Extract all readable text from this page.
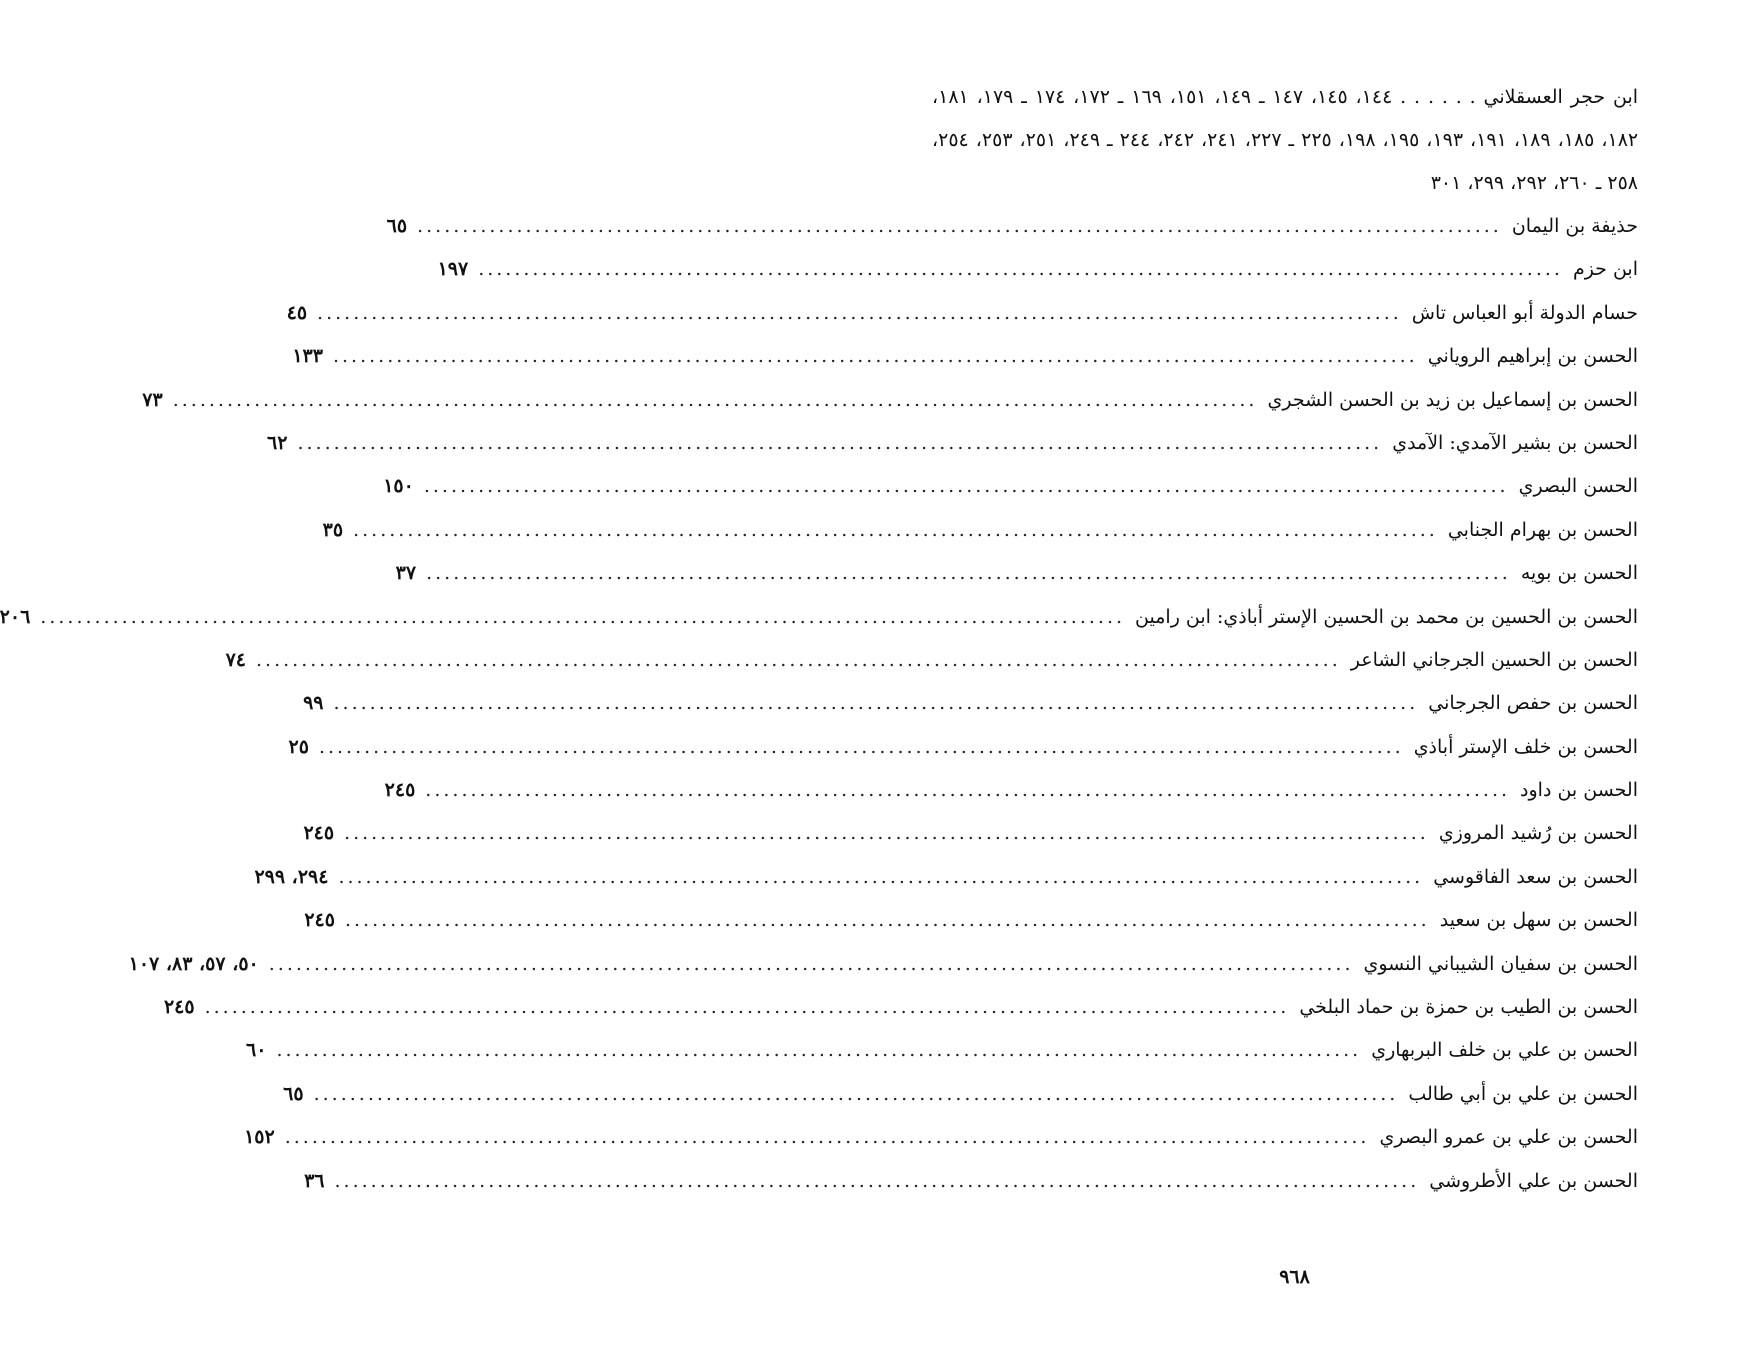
ابن حجر العسقلاني . . . . . . ١٤٤، ١٤٥، ١٤٧ ـ ١٤٩، ١٥١، ١٦٩ ـ ١٧٢، ١٧٤ ـ ١٧٩، ١٨١، ١٨٢، ١٨٥، ١٨٩، ١٩١، ١٩٣، ١٩٥، ١٩٨، ٢٢٥ ـ ٢٢٧، ٢٤١، ٢٤٢، ٢٤٤ ـ ٢٤٩، ٢٥١، ٢٥٣، ٢٥٤، ٢٥٨ ـ ٢٦٠، ٢٩٢، ٢٩٩، ٣٠١
حذيفة بن اليمان
........................................................................................................................
٦٥
ابن حزم
........................................................................................................................
١٩٧
حسام الدولة أبو العباس تاش
........................................................................................................................
٤٥
الحسن بن إبراهيم الروياني
........................................................................................................................
١٣٣
الحسن بن إسماعيل بن زيد بن الحسن الشجري
........................................................................................................................
٧٣
الحسن بن بشير الآمدي: الآمدي
........................................................................................................................
٦٢
الحسن البصري
........................................................................................................................
١٥٠
الحسن بن بهرام الجنابي
........................................................................................................................
٣٥
الحسن بن بويه
........................................................................................................................
٣٧
الحسن بن الحسين بن محمد بن الحسين الإستر أباذي: ابن رامين
........................................................................................................................
٢٠٦
الحسن بن الحسين الجرجاني الشاعر
........................................................................................................................
٧٤
الحسن بن حفص الجرجاني
........................................................................................................................
٩٩
الحسن بن خلف الإستر أباذي
........................................................................................................................
٢٥
الحسن بن داود
........................................................................................................................
٢٤٥
الحسن بن رُشيد المروزي
........................................................................................................................
٢٤٥
الحسن بن سعد الفاقوسي
........................................................................................................................
٢٩٤، ٢٩٩
الحسن بن سهل بن سعيد
........................................................................................................................
٢٤٥
الحسن بن سفيان الشيباني النسوي
........................................................................................................................
٥٠، ٥٧، ٨٣، ١٠٧
الحسن بن الطيب بن حمزة بن حماد البلخي
........................................................................................................................
٢٤٥
الحسن بن علي بن خلف البربهاري
........................................................................................................................
٦٠
الحسن بن علي بن أبي طالب
........................................................................................................................
٦٥
الحسن بن علي بن عمرو البصري
........................................................................................................................
١٥٢
الحسن بن علي الأطروشي
........................................................................................................................
٣٦
٩٦٨
